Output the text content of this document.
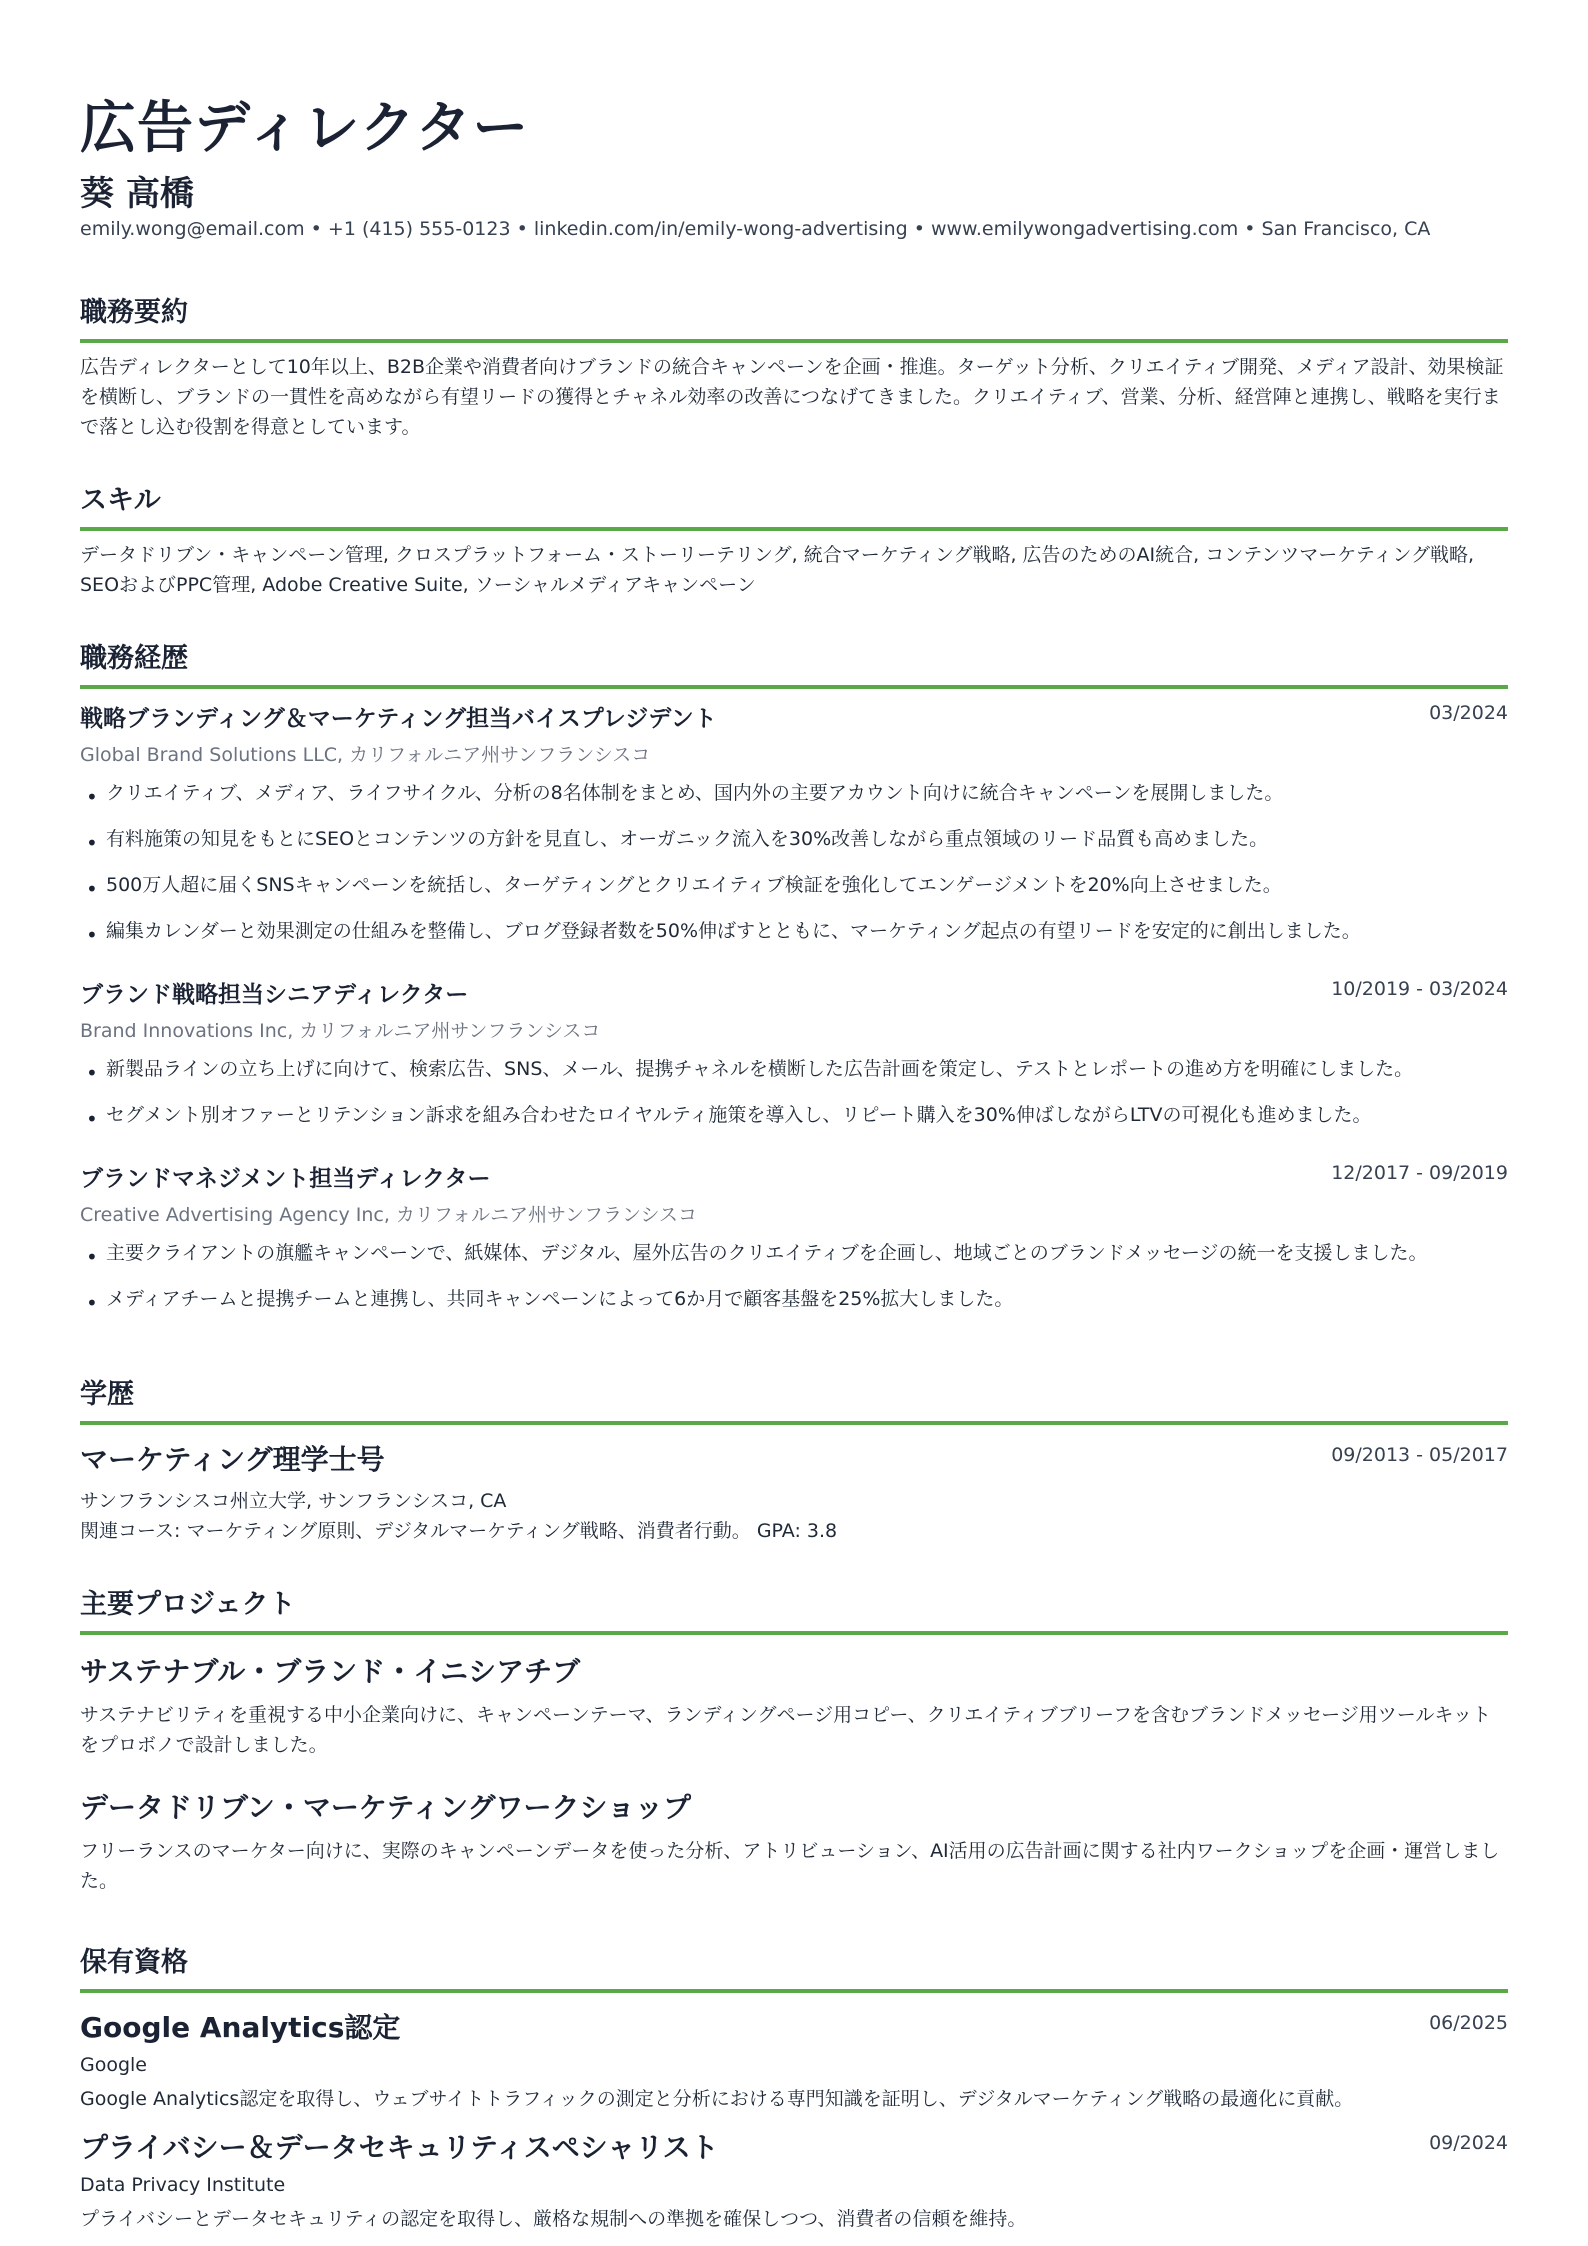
広告ディレクター
葵 高橋
emily.wong@email.com • +1 (415) 555-0123 • linkedin.com/in/emily-wong-advertising • www.emilywongadvertising.com • San Francisco, CA
職務要約

広告ディレクターとして10年以上、B2B企業や消費者向けブランドの統合キャンペーンを企画・推進。ターゲット分析、クリエイティブ開発、メディア設計、効果検証を横断し、ブランドの一貫性を高めながら有望リードの獲得とチャネル効率の改善につなげてきました。クリエイティブ、営業、分析、経営陣と連携し、戦略を実行まで落とし込む役割を得意としています。

スキル

データドリブン・キャンペーン管理, クロスプラットフォーム・ストーリーテリング, 統合マーケティング戦略, 広告のためのAI統合, コンテンツマーケティング戦略, SEOおよびPPC管理, Adobe Creative Suite, ソーシャルメディアキャンペーン

職務経歴
戦略ブランディング＆マーケティング担当バイスプレジデント	03/2024
Global Brand Solutions LLC, カリフォルニア州サンフランシスコ
• クリエイティブ、メディア、ライフサイクル、分析の8名体制をまとめ、国内外の主要アカウント向けに統合キャンペーンを展開しました。
• 有料施策の知見をもとにSEOとコンテンツの方針を見直し、オーガニック流入を30%改善しながら重点領域のリード品質も高めました。
• 500万人超に届くSNSキャンペーンを統括し、ターゲティングとクリエイティブ検証を強化してエンゲージメントを20%向上させました。
• 編集カレンダーと効果測定の仕組みを整備し、ブログ登録者数を50%伸ばすとともに、マーケティング起点の有望リードを安定的に創出しました。
ブランド戦略担当シニアディレクター	10/2019 - 03/2024
Brand Innovations Inc, カリフォルニア州サンフランシスコ
• 新製品ラインの立ち上げに向けて、検索広告、SNS、メール、提携チャネルを横断した広告計画を策定し、テストとレポートの進め方を明確にしました。
• セグメント別オファーとリテンション訴求を組み合わせたロイヤルティ施策を導入し、リピート購入を30%伸ばしながらLTVの可視化も進めました。
ブランドマネジメント担当ディレクター	12/2017 - 09/2019
Creative Advertising Agency Inc, カリフォルニア州サンフランシスコ
• 主要クライアントの旗艦キャンペーンで、紙媒体、デジタル、屋外広告のクリエイティブを企画し、地域ごとのブランドメッセージの統一を支援しました。
• メディアチームと提携チームと連携し、共同キャンペーンによって6か月で顧客基盤を25%拡大しました。
学歴
マーケティング理学士号	09/2013 - 05/2017
サンフランシスコ州立大学, サンフランシスコ, CA
関連コース: マーケティング原則、デジタルマーケティング戦略、消費者行動。 GPA: 3.8
主要プロジェクト
サステナブル・ブランド・イニシアチブ

サステナビリティを重視する中小企業向けに、キャンペーンテーマ、ランディングページ用コピー、クリエイティブブリーフを含むブランドメッセージ用ツールキットをプロボノで設計しました。

データドリブン・マーケティングワークショップ

フリーランスのマーケター向けに、実際のキャンペーンデータを使った分析、アトリビューション、AI活用の広告計画に関する社内ワークショップを企画・運営しました。

保有資格
Google Analytics認定	06/2025
Google
Google Analytics認定を取得し、ウェブサイトトラフィックの測定と分析における専門知識を証明し、デジタルマーケティング戦略の最適化に貢献。
プライバシー＆データセキュリティスペシャリスト	09/2024
Data Privacy Institute
プライバシーとデータセキュリティの認定を取得し、厳格な規制への準拠を確保しつつ、消費者の信頼を維持。
